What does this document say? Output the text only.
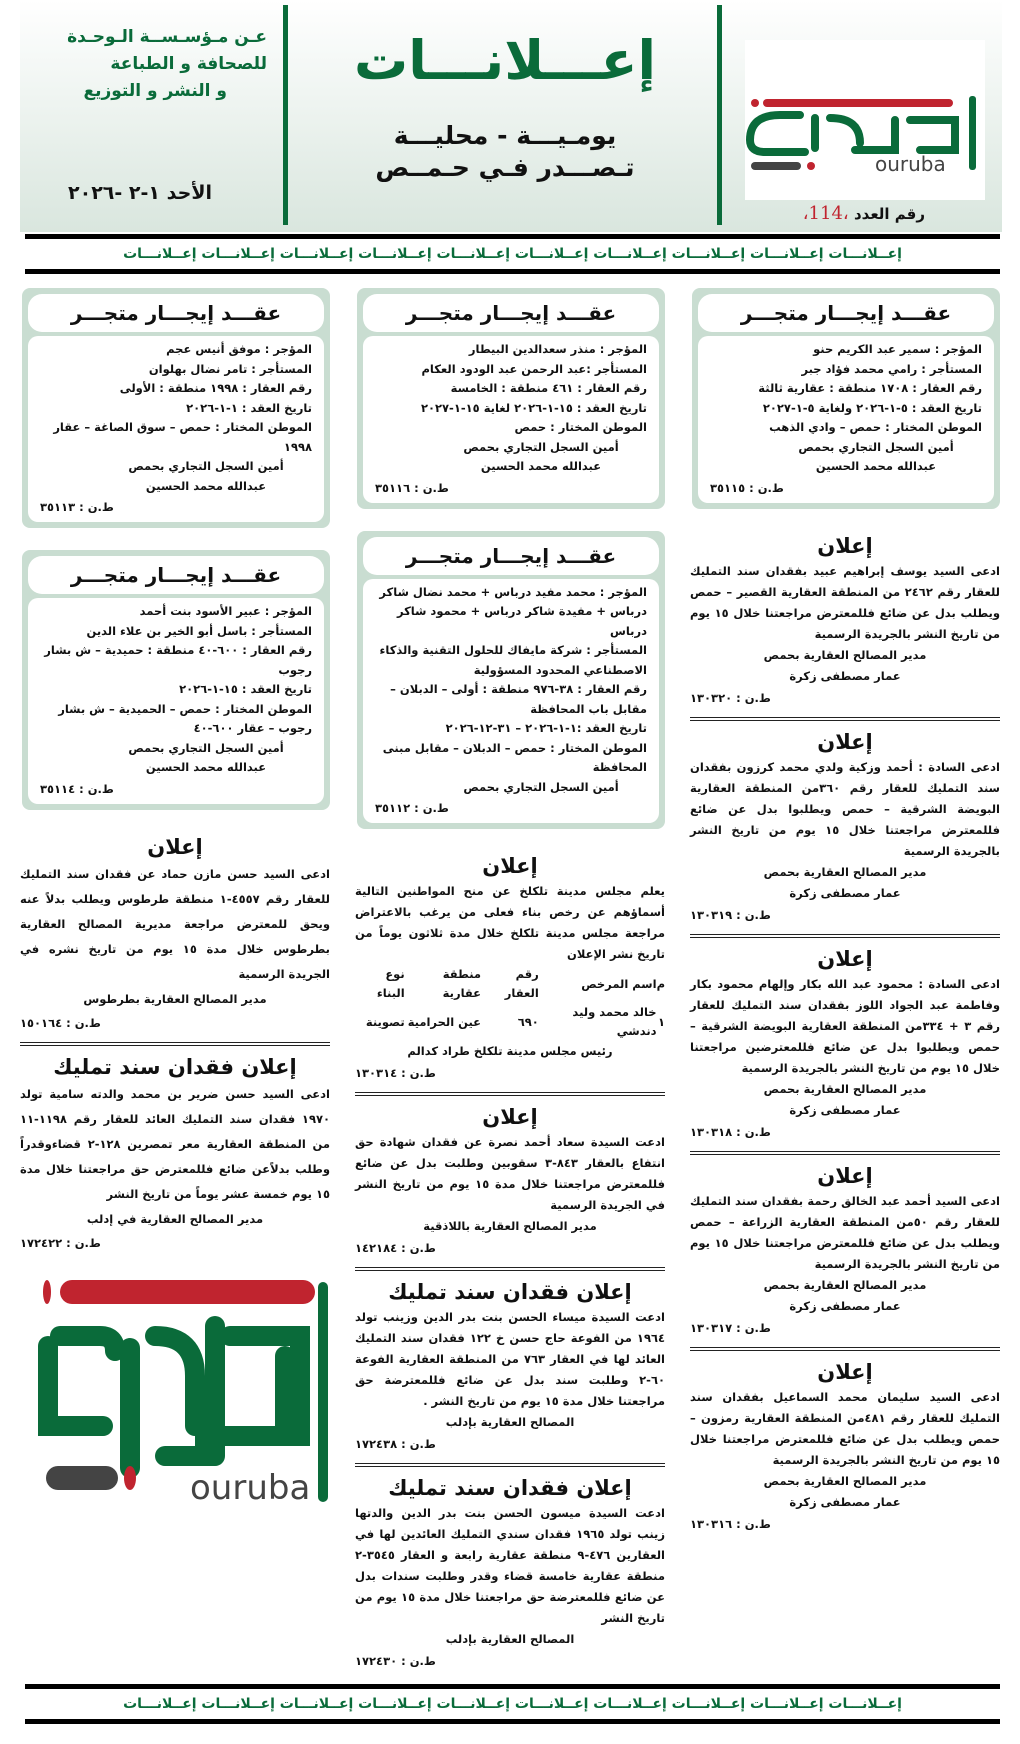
عـن مـؤسـســة الـوحـدة
للصحافة و الطباعة
و النشر و التوزيع
الأحد ١-٢ -٢٠٢٦
إعـــلانـــات
يومـيـــة - محليـــة
تـصـــدر فـي حـمــص	ouruba
رقم العدد ،114،
إعــلانـــات إعــلانـــات إعــلانـــات إعــلانـــات إعــلانـــات إعــلانـــات إعــلانـــات إعــلانـــات إعــلانـــات إعــلانـــات
عقـــد إيجـــار متجـــر
المؤجر : سمير عبد الكريم حنو
المستأجر : رامي محمد فؤاد جبر
رقم العقار : ١٧٠٨ منطقة : عقارية ثالثة
تاريخ العقد : ٥-١-٢٠٢٦ ولغاية ٥-١-٢٠٢٧
الموطن المختار : حمص – وادي الذهب
أمين السجل التجاري بحمص
عبدالله محمد الحسين
ط.ن : ٣٥١١٥
إعلان
ادعى السيد يوسف إبراهيم عبيد بفقدان سند التمليك للعقار رقم ٢٤٦٢ من المنطقة العقارية القصير – حمص ويطلب بدل عن ضائع فللمعترض مراجعتنا خلال ١٥ يوم من تاريخ النشر بالجريدة الرسمية
مدير المصالح العقارية بحمص
عمار مصطفى زكرة
ط.ن : ١٣٠٣٢٠
إعلان
ادعى السادة : أحمد وزكية ولدي محمد كرزون بفقدان سند التمليك للعقار رقم ٣٦٠من المنطقة العقارية البويضة الشرقية – حمص ويطلبوا بدل عن ضائع فللمعترض مراجعتنا خلال ١٥ يوم من تاريخ النشر بالجريدة الرسمية
مدير المصالح العقارية بحمص
عمار مصطفى زكرة
ط.ن : ١٣٠٣١٩
إعلان
ادعى السادة : محمود عبد الله بكار وإلهام محمود بكار وفاطمة عبد الجواد اللوز بفقدان سند التمليك للعقار رقم ٣ + ٣٣٤من المنطقة العقارية البويضة الشرقية – حمص ويطلبوا بدل عن ضائع فللمعترضين مراجعتنا خلال ١٥ يوم من تاريخ النشر بالجريدة الرسمية
مدير المصالح العقارية بحمص
عمار مصطفى زكرة
ط.ن : ١٣٠٣١٨
إعلان
ادعى السيد أحمد عبد الخالق رحمة بفقدان سند التمليك للعقار رقم ٥٠من المنطقة العقارية الزراعة – حمص ويطلب بدل عن ضائع فللمعترض مراجعتنا خلال ١٥ يوم من تاريخ النشر بالجريدة الرسمية
مدير المصالح العقارية بحمص
عمار مصطفى زكرة
ط.ن : ١٣٠٣١٧
إعلان
ادعى السيد سليمان محمد السماعيل بفقدان سند التمليك للعقار رقم ٤٨١من المنطقة العقارية رمزون – حمص ويطلب بدل عن ضائع فللمعترض مراجعتنا خلال ١٥ يوم من تاريخ النشر بالجريدة الرسمية
مدير المصالح العقارية بحمص
عمار مصطفى زكرة
ط.ن : ١٣٠٣١٦
عقـــد إيجـــار متجـــر
المؤجر : منذر سعدالدين البيطار
المستأجر :عبد الرحمن عبد الودود العكام
رقم العقار : ٤٦١ منطقة : الخامسة
تاريخ العقد : ١٥-١-٢٠٢٦ لغاية ١٥-١-٢٠٢٧
الموطن المختار : حمص
أمين السجل التجاري بحمص
عبدالله محمد الحسين
ط.ن : ٣٥١١٦
عقـــد إيجـــار متجـــر
المؤجر : محمد مفيد درباس + محمد نضال شاكر درباس + مفيدة شاكر درباس + محمود شاكر درباس
المستأجر : شركة مايفاك للحلول التقنية والذكاء الاصطناعي المحدود المسؤولية
رقم العقار : ٣٨-٩٧٦ منطقة : أولى – الدبلان – مقابل باب المحافظة
تاريخ العقد :١-١-٢٠٢٦ – ٣١-١٢-٢٠٢٦
الموطن المختار : حمص – الدبلان – مقابل مبنى المحافظة
أمين السجل التجاري بحمص
ط.ن : ٣٥١١٢
إعلان
يعلم مجلس مدينة تلكلخ عن منح المواطنين التالية أسماؤهم عن رخص بناء فعلى من يرغب بالاعتراض مراجعة مجلس مدينة تلكلخ خلال مدة ثلاثون يوماً من تاريخ نشر الإعلان
م	اسم المرخص	رقم العقار	منطقة عقارية	نوع البناء
١	خالد محمد وليد دندشي	٦٩٠	عين الحرامية	تصوينة
رئيس مجلس مدينة تلكلخ طراد كدالم
ط.ن : ١٣٠٣١٤
إعلان
ادعت السيدة سعاد أحمد نصرة عن فقدان شهادة حق انتفاع بالعقار ٨٤٣-٣ سقوبين وطلبت بدل عن ضائع فللمعترض مراجعتنا خلال مدة ١٥ يوم من تاريخ النشر في الجريدة الرسمية
مدير المصالح العقارية باللاذقية
ط.ن : ١٤٢١٨٤
إعلان فقدان سند تمليك
ادعت السيدة ميساء الحسن بنت بدر الدين وزينب تولد ١٩٦٤ من الفوعة حاج حسن خ ١٢٢ فقدان سند التمليك العائد لها في العقار ٧٦٣ من المنطقة العقارية الفوعة ٦٠-٢ وطلبت سند بدل عن ضائع فللمعترضة حق مراجعتنا خلال مدة ١٥ يوم من تاريخ النشر .
المصالح العقارية بإدلب
ط.ن : ١٧٢٤٣٨
إعلان فقدان سند تمليك
ادعت السيدة ميسون الحسن بنت بدر الدين والدتها زينب تولد ١٩٦٥ فقدان سندي التمليك العائدين لها في العقارين ٤٧٦-٩ منطقة عقارية رابعة و العقار ٣٥٤٥-٢ منطقة عقارية خامسة قضاء وقدر وطلبت سندات بدل عن ضائع فللمعترضة حق مراجعتنا خلال مدة ١٥ يوم من تاريخ النشر
المصالح العقارية بإدلب
ط.ن : ١٧٢٤٣٠
عقـــد إيجـــار متجـــر
المؤجر : موفق أنيس عجم
المستأجر : تامر نضال بهلوان
رقم العقار : ١٩٩٨ منطقة : الأولى
تاريخ العقد : ١-١-٢٠٢٦
الموطن المختار : حمص – سوق الصاغة – عقار ١٩٩٨
أمين السجل التجاري بحمص
عبدالله محمد الحسين
ط.ن : ٣٥١١٣
عقـــد إيجـــار متجـــر
المؤجر : عبير الأسود بنت أحمد
المستأجر : باسل أبو الخير بن علاء الدين
رقم العقار : ٦٠٠-٤٠ منطقة : حميدية – ش بشار رجوب
تاريخ العقد : ١٥-١-٢٠٢٦
الموطن المختار : حمص – الحميدية – ش بشار رجوب – عقار ٦٠٠-٤٠
أمين السجل التجاري بحمص
عبدالله محمد الحسين
ط.ن : ٣٥١١٤
إعلان
ادعى السيد حسن مازن حماد عن فقدان سند التمليك للعقار رقم ٤٥٥٧-١ منطقة طرطوس ويطلب بدلاً عنه ويحق للمعترض مراجعة مديرية المصالح العقارية بطرطوس خلال مدة ١٥ يوم من تاريخ نشره في الجريدة الرسمية
مدير المصالح العقارية بطرطوس
ط.ن : ١٥٠١٦٤
إعلان فقدان سند تمليك
ادعى السيد حسن ضرير بن محمد والدته سامية تولد ١٩٧٠ فقدان سند التمليك العائد للعقار رقم ١١٩٨-١١ من المنطقة العقارية معر تمصرين ١٢٨-٢ قضاءوقدراً وطلب بدلاًعن ضائع فللمعترض حق مراجعتنا خلال مدة ١٥ يوم خمسة عشر يوماً من تاريخ النشر
مدير المصالح العقارية في إدلب
ط.ن : ١٧٢٤٢٢
ouruba
إعــلانـــات إعــلانـــات إعــلانـــات إعــلانـــات إعــلانـــات إعــلانـــات إعــلانـــات إعــلانـــات إعــلانـــات إعــلانـــات
